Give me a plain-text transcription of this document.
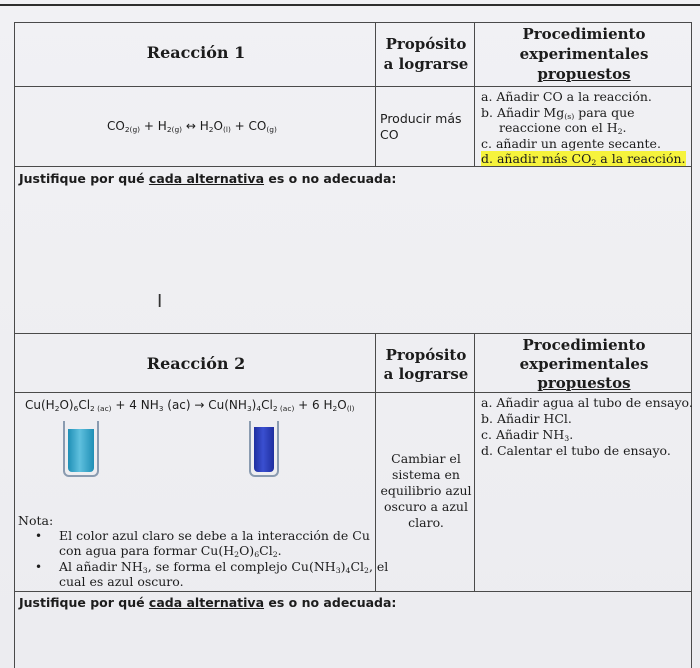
Reacción 1	Propósito
a lograrse
Procedimiento
experimentales
propuestos
$CO_{2(g)} + H_{2(g)}$ ↔ $H_2O_{(l)} + CO_{(g)}$
Producir más
CO
a. Añadir CO a la reacción.
b. Añadir $Mg_{(s)}$ para que
reaccione con el $H_2$.
c. añadir un agente secante.
d. añadir más $CO_2$ a la reacción.
Justifique por qué cada alternativa es o no adecuada:
I
Reacción 2	Propósito
a lograrse
Procedimiento
experimentales
propuestos
$Cu(H_2O)_6Cl_{2 (ac)} + 4$ $NH_3$ $(ac) \to Cu(NH_3)_4Cl_{2 (ac)} + 6$ $H_2O_{(l)}$
Nota:
• El color azul claro se debe a la interacción de Cu
con agua para formar $Cu(H_2O)_6Cl_2$.
• Al añadir $NH_3$, se forma el complejo $Cu(NH_3)_4Cl_2$, el
cual es azul oscuro.
Cambiar el
sistema en
equilibrio azul
oscuro a azul
claro.
a. Añadir agua al tubo de ensayo.
b. Añadir HCl.
c. Añadir $NH_3$.
d. Calentar el tubo de ensayo.
Justifique por qué cada alternativa es o no adecuada:
